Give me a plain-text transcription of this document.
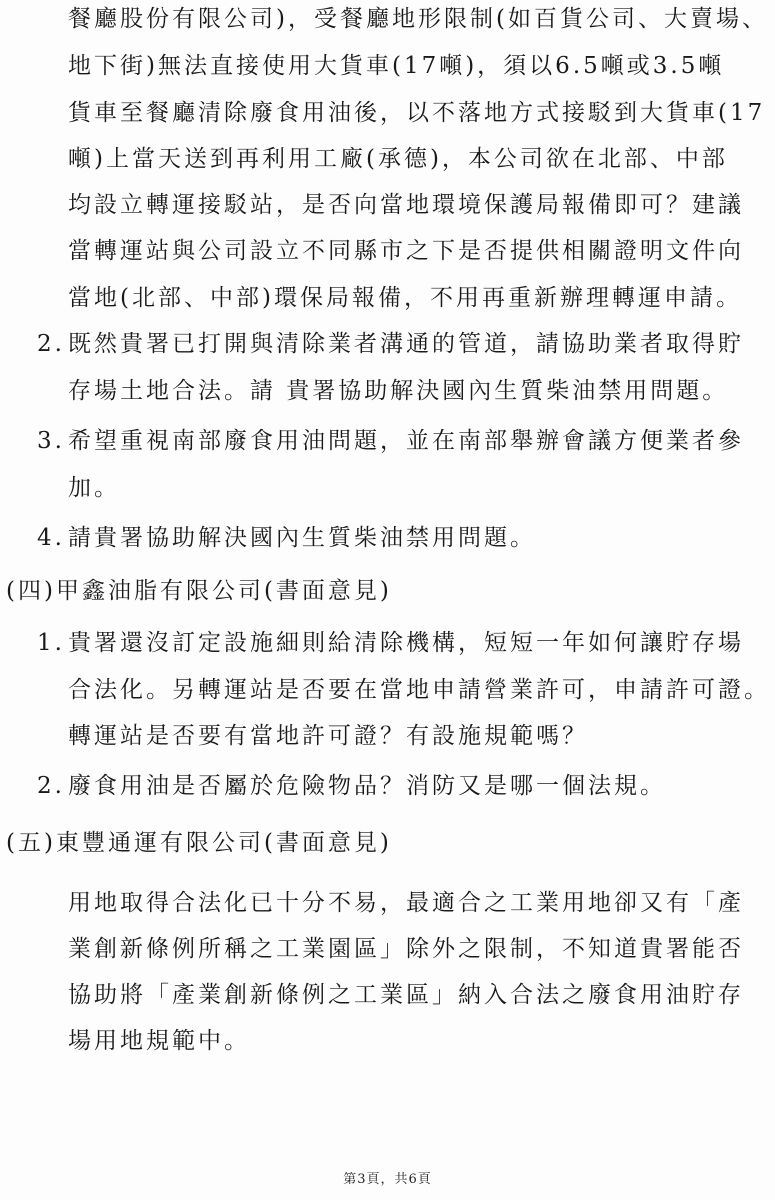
餐廳股份有限公司)，受餐廳地形限制(如百貨公司、大賣場、
地下街)無法直接使用大貨車(17噸)，須以6.5噸或3.5噸
貨車至餐廳清除廢食用油後，以不落地方式接駁到大貨車(17
噸)上當天送到再利用工廠(承德)，本公司欲在北部、中部
均設立轉運接駁站，是否向當地環境保護局報備即可？建議
當轉運站與公司設立不同縣市之下是否提供相關證明文件向
當地(北部、中部)環保局報備，不用再重新辦理轉運申請。
2. 既然貴署已打開與清除業者溝通的管道，請協助業者取得貯
存場土地合法。請 貴署協助解決國內生質柴油禁用問題。
3. 希望重視南部廢食用油問題，並在南部舉辦會議方便業者參
加。
4. 請貴署協助解決國內生質柴油禁用問題。
(四)甲鑫油脂有限公司(書面意見)
1. 貴署還沒訂定設施細則給清除機構，短短一年如何讓貯存場
合法化。另轉運站是否要在當地申請營業許可，申請許可證。
轉運站是否要有當地許可證？有設施規範嗎？
2. 廢食用油是否屬於危險物品？消防又是哪一個法規。
(五)東豐通運有限公司(書面意見)
用地取得合法化已十分不易，最適合之工業用地卻又有「產
業創新條例所稱之工業園區」除外之限制，不知道貴署能否
協助將「產業創新條例之工業區」納入合法之廢食用油貯存
場用地規範中。
第3頁，共6頁
